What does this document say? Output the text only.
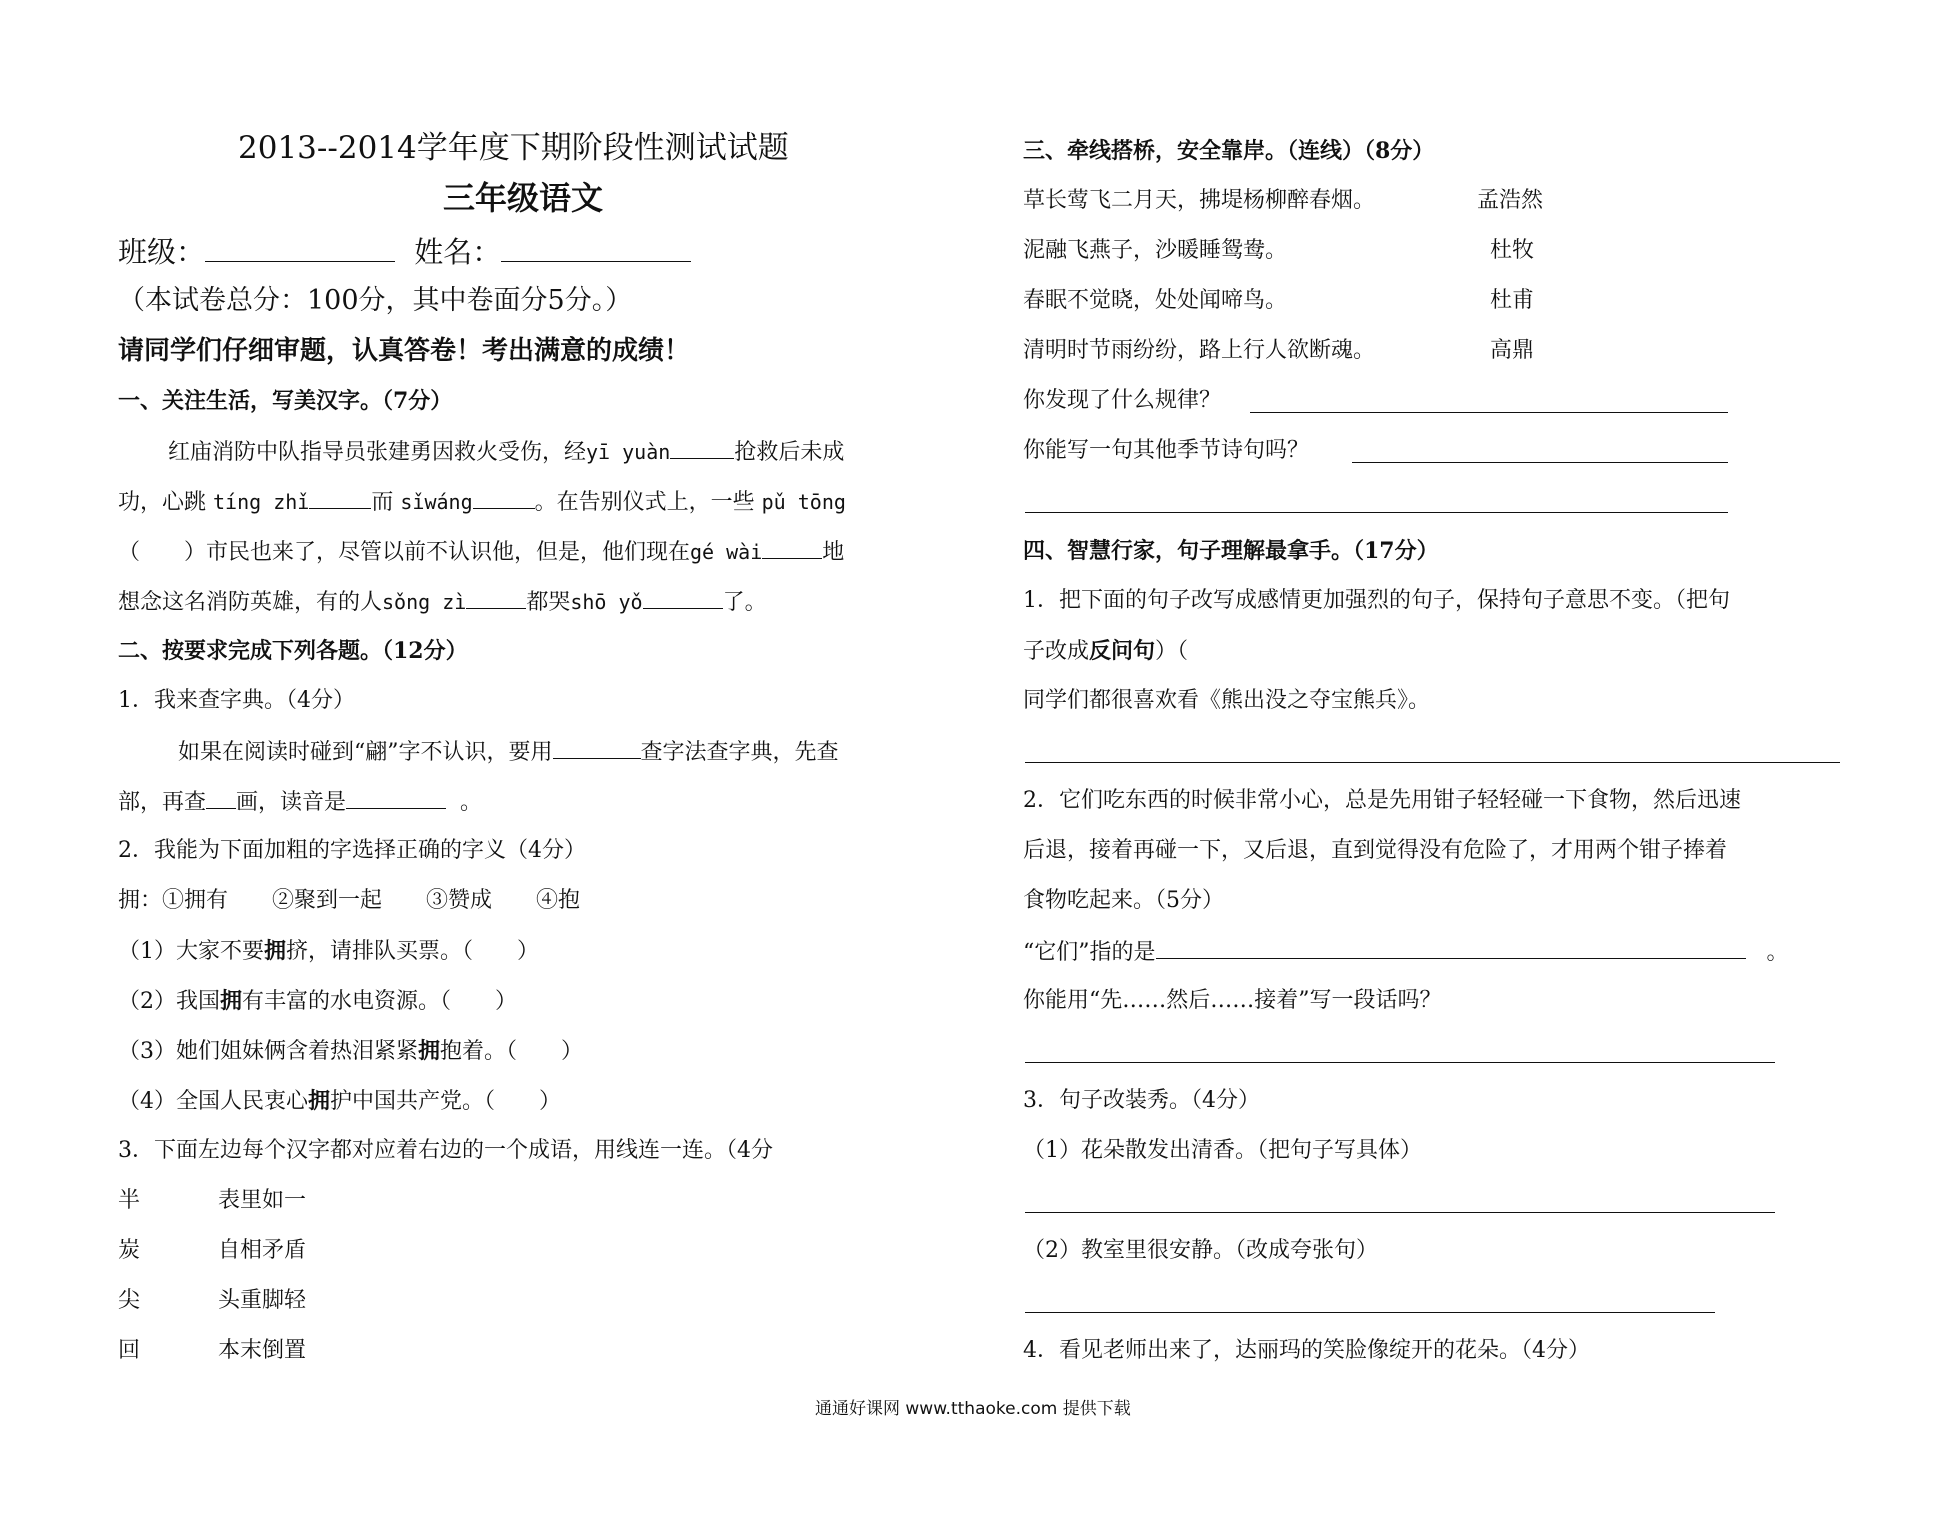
2013--2014学年度下期阶段性测试试题
三年级语文
班级：	姓名：
（本试卷总分：100分，其中卷面分5分。）
请同学们仔细审题，认真答卷！考出满意的成绩！
一、关注生活，写美汉字。（7分）
红庙消防中队指导员张建勇因救火受伤，经yī yuàn	抢救后未成
功，心跳 tíng zhǐ	而 sǐwáng	。在告别仪式上，一些 pǔ tōng
（　　）市民也来了，尽管以前不认识他，但是，他们现在gé wài	地
想念这名消防英雄，有的人sǒng zì	都哭shō yǒ	了。
二、按要求完成下列各题。（12分）
1．我来查字典。（4分）
如果在阅读时碰到“翩”字不认识，要用	查字法查字典，先查
部，再查 画，读音是	。
2．我能为下面加粗的字选择正确的字义（4分）
拥：①拥有　　②聚到一起　　③赞成　　④抱
（1）大家不要拥挤，请排队买票。（　　）
（2）我国拥有丰富的水电资源。（　　）
（3）她们姐妹俩含着热泪紧紧拥抱着。（　　）
（4）全国人民衷心拥护中国共产党。（　　）
3．下面左边每个汉字都对应着右边的一个成语，用线连一连。（4分
半	表里如一
炭	自相矛盾
尖	头重脚轻
回	本末倒置
三、牵线搭桥，安全靠岸。（连线）（8分）
草长莺飞二月天，拂堤杨柳醉春烟。	孟浩然
泥融飞燕子，沙暖睡鸳鸯。	杜牧
春眠不觉晓，处处闻啼鸟。	杜甫
清明时节雨纷纷，路上行人欲断魂。	高鼎
你发现了什么规律？
你能写一句其他季节诗句吗？
四、智慧行家，句子理解最拿手。（17分）
1．把下面的句子改写成感情更加强烈的句子，保持句子意思不变。（把句
子改成反问句）（
同学们都很喜欢看《熊出没之夺宝熊兵》。
2．它们吃东西的时候非常小心，总是先用钳子轻轻碰一下食物，然后迅速
后退，接着再碰一下，又后退，直到觉得没有危险了，才用两个钳子捧着
食物吃起来。（5分）
“它们”指的是	。
你能用“先……然后……接着”写一段话吗？
3．句子改装秀。（4分）
（1）花朵散发出清香。（把句子写具体）
（2）教室里很安静。（改成夸张句）
4．看见老师出来了，达丽玛的笑脸像绽开的花朵。（4分）
通通好课网 www.tthaoke.com 提供下载
